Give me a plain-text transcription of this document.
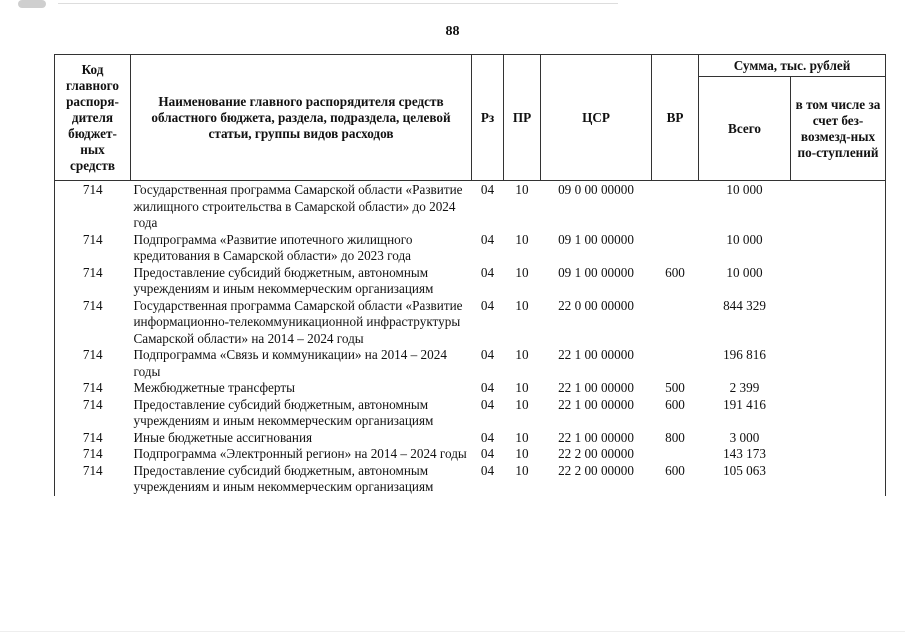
88
Код главного распоря-дителя бюджет-ных средств	Наименование главного распорядителя средств областного бюджета, раздела, подраздела, целевой статьи, группы видов расходов	Рз	ПР	ЦСР	ВР	Сумма, тыс. рублей	
						Всего	в том числе за счет без-возмезд-ных по-ступлений
714	Государственная программа Самарской области «Развитие жилищного строительства в Самарской области» до 2024 года	04	10	09 0 00 00000		10 000	
714	Подпрограмма «Развитие ипотечного жилищного кредитования в Самарской области» до 2023 года	04	10	09 1 00 00000		10 000	
714	Предоставление субсидий бюджетным, автономным учреждениям и иным некоммерческим организациям	04	10	09 1 00 00000	600	10 000	
714	Государственная программа Самарской области «Развитие информационно-телекоммуникационной инфраструктуры Самарской области» на 2014 – 2024 годы	04	10	22 0 00 00000		844 329	
714	Подпрограмма «Связь и коммуникации» на 2014 – 2024 годы	04	10	22 1 00 00000		196 816	
714	Межбюджетные трансферты	04	10	22 1 00 00000	500	2 399	
714	Предоставление субсидий бюджетным, автономным учреждениям и иным некоммерческим организациям	04	10	22 1 00 00000	600	191 416	
714	Иные бюджетные ассигнования	04	10	22 1 00 00000	800	3 000	
714	Подпрограмма «Электронный регион» на 2014 – 2024 годы	04	10	22 2 00 00000		143 173	
714	Предоставление субсидий бюджетным, автономным учреждениям и иным некоммерческим организациям	04	10	22 2 00 00000	600	105 063	
